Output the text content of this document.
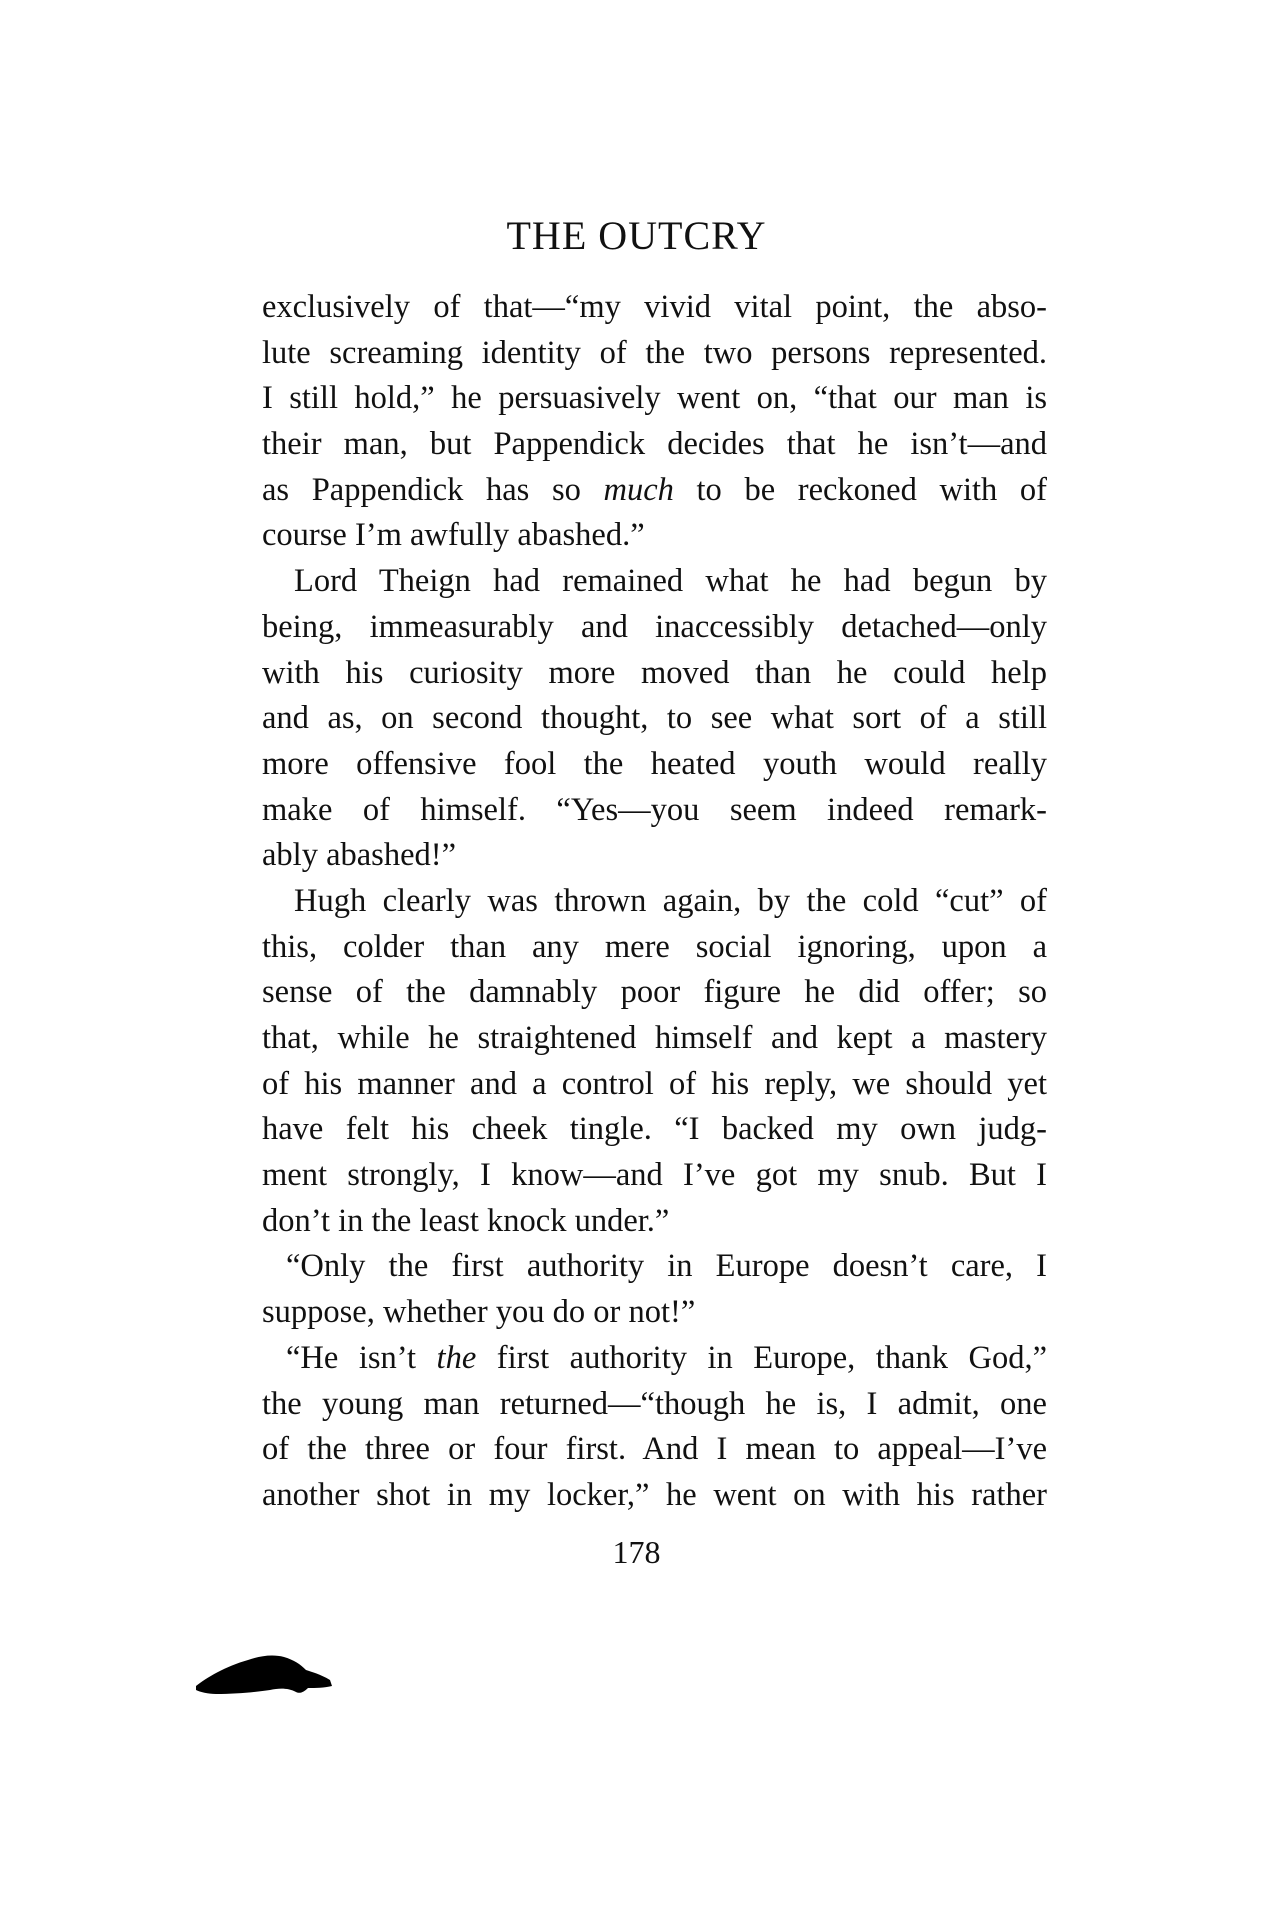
THE OUTCRY
exclusively of that—“my vivid vital point, the abso-
lute screaming identity of the two persons represented.
I still hold,” he persuasively went on, “that our man is
their man, but Pappendick decides that he isn’t—and
as Pappendick has so much to be reckoned with of
course I’m awfully abashed.”
Lord Theign had remained what he had begun by
being, immeasurably and inaccessibly detached—only
with his curiosity more moved than he could help
and as, on second thought, to see what sort of a still
more offensive fool the heated youth would really
make of himself. “Yes—you seem indeed remark-
ably abashed!”
Hugh clearly was thrown again, by the cold “cut” of
this, colder than any mere social ignoring, upon a
sense of the damnably poor figure he did offer; so
that, while he straightened himself and kept a mastery
of his manner and a control of his reply, we should yet
have felt his cheek tingle. “I backed my own judg-
ment strongly, I know—and I’ve got my snub. But I
don’t in the least knock under.”
“Only the first authority in Europe doesn’t care, I
suppose, whether you do or not!”
“He isn’t the first authority in Europe, thank God,”
the young man returned—“though he is, I admit, one
of the three or four first. And I mean to appeal—I’ve
another shot in my locker,” he went on with his rather
178
